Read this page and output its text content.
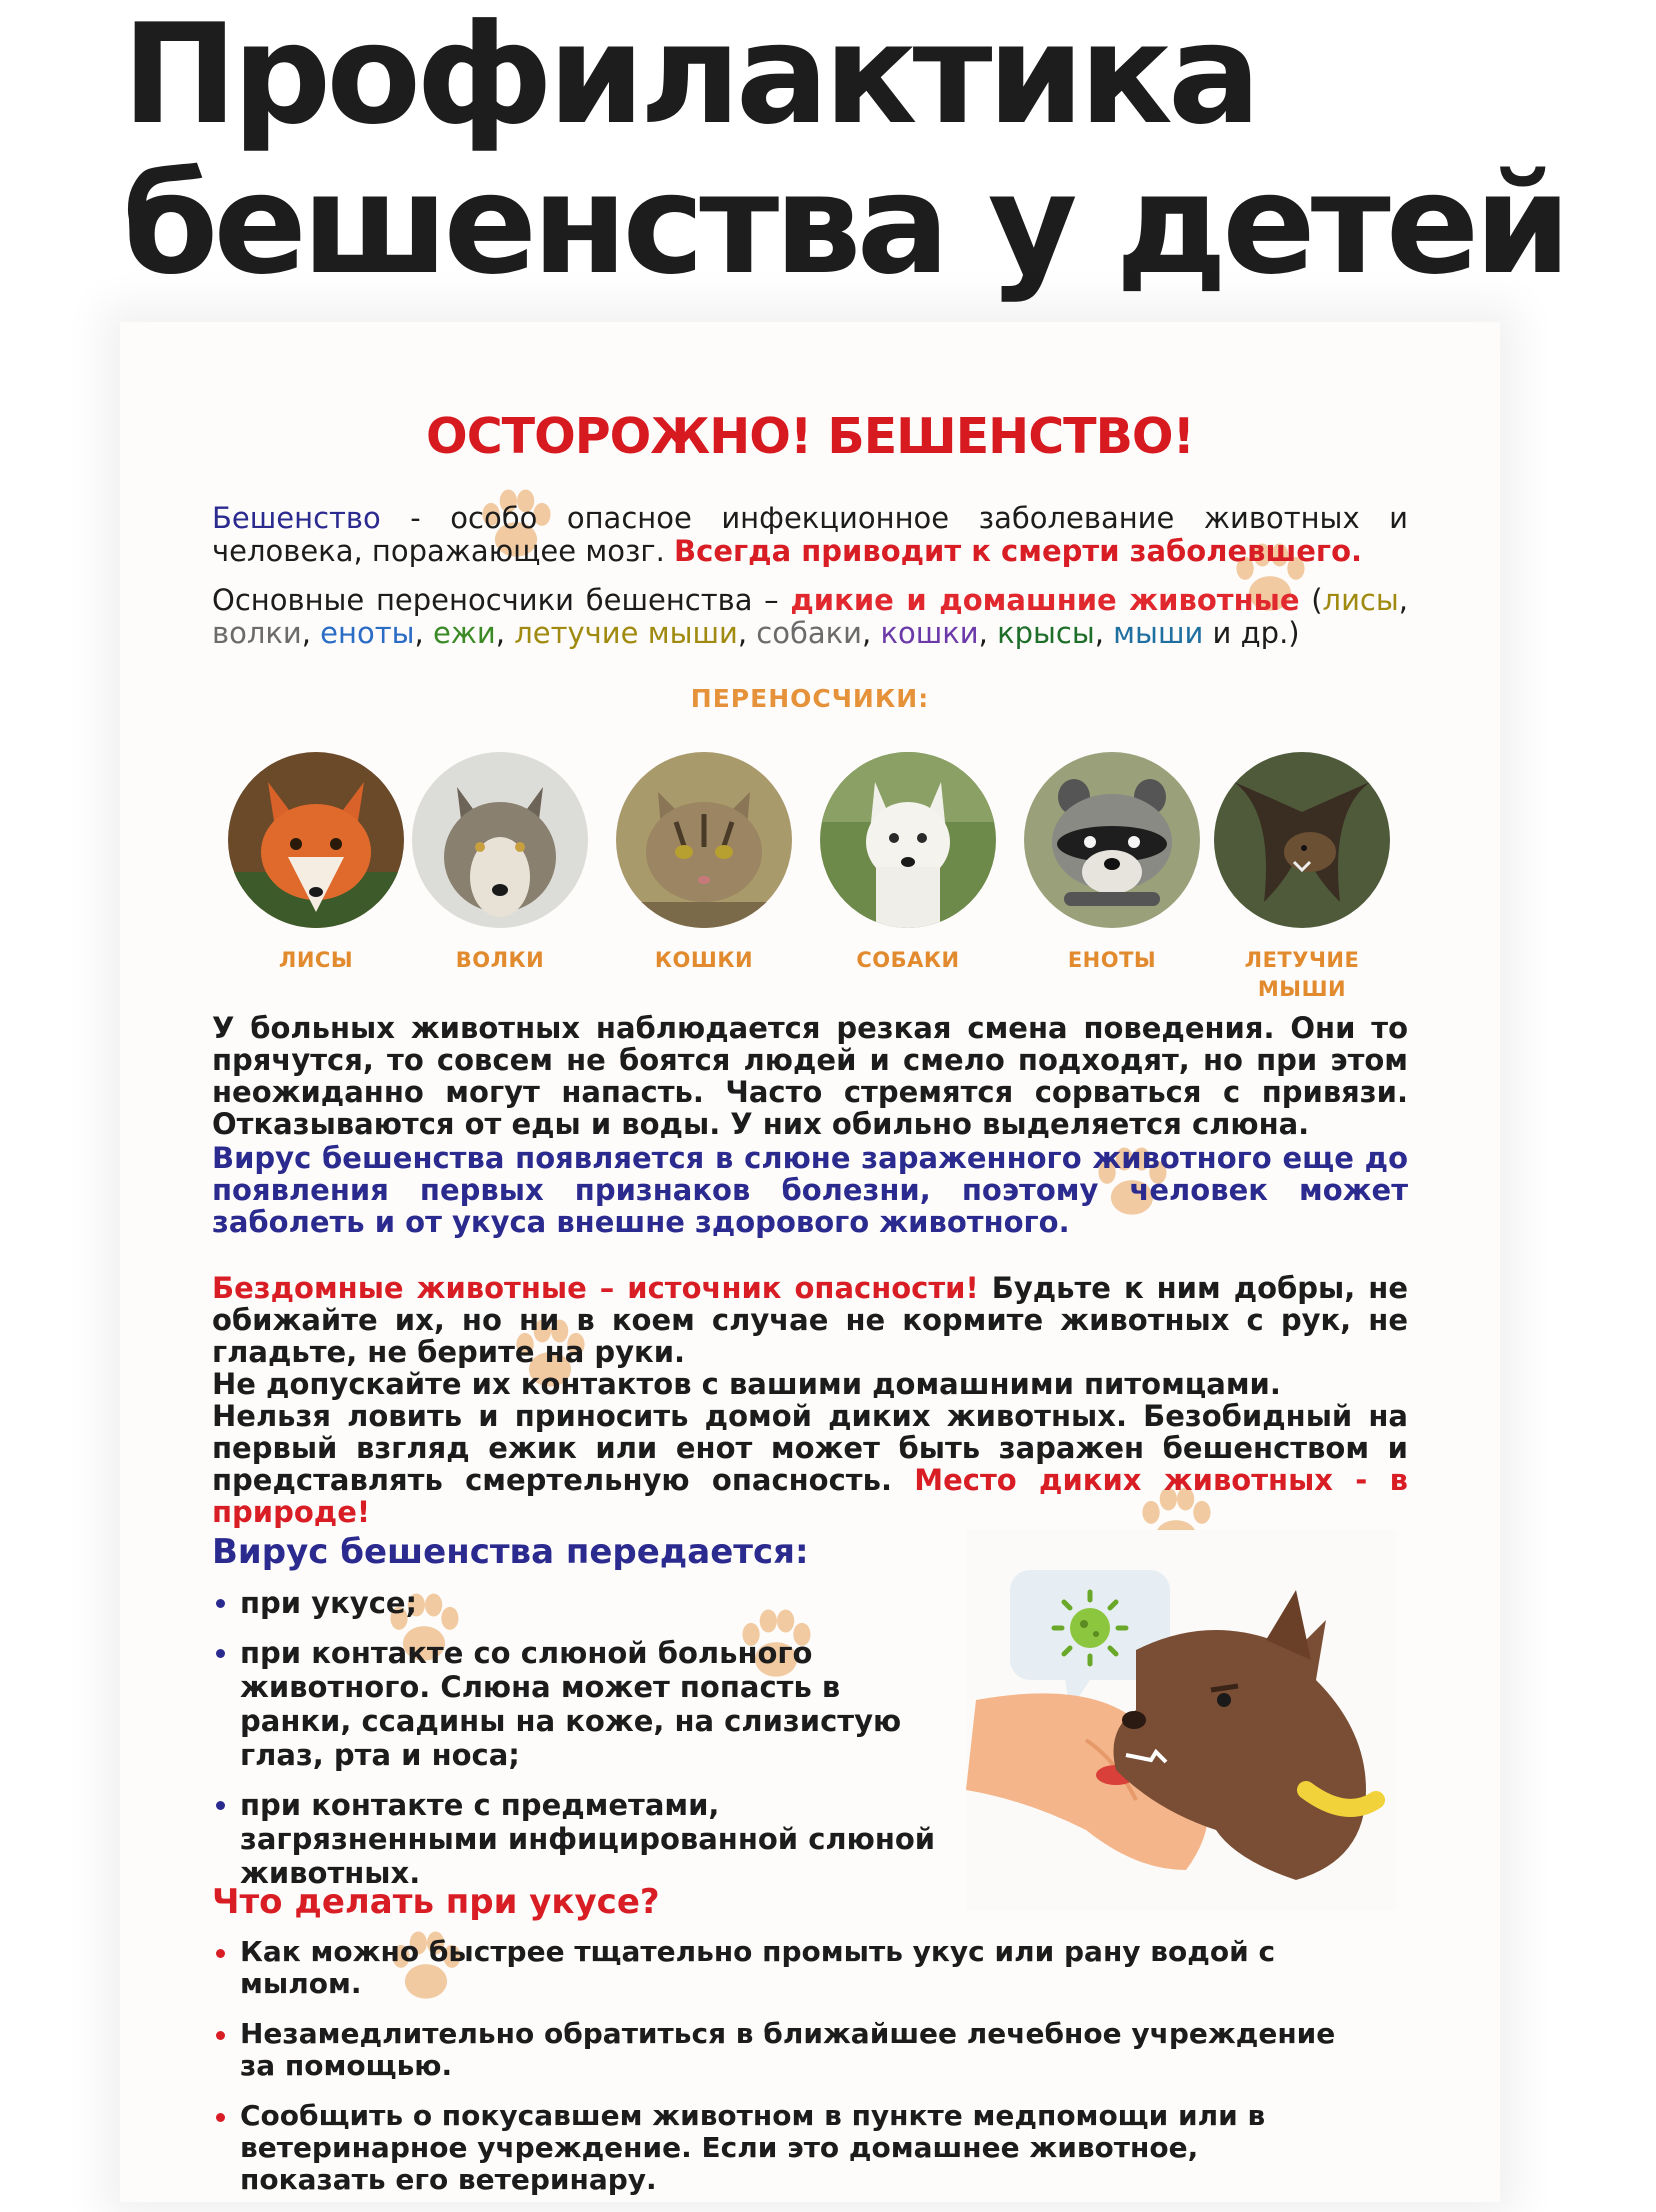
Профилактика
бешенства у детей
ОСТОРОЖНО! БЕШЕНСТВО!

Бешенство - особо опасное инфекционное заболевание животных и человека, поражающее мозг. Всегда приводит к смерти заболевшего.

Основные переносчики бешенства – дикие и домашние животные (лисы, волки, еноты, ежи, летучие мыши, собаки, кошки, крысы, мыши и др.)

ПЕРЕНОСЧИКИ:
ЛИСЫ	ВОЛКИ	КОШКИ	СОБАКИ	ЕНОТЫ	ЛЕТУЧИЕ
МЫШИ

У больных животных наблюдается резкая смена поведения. Они то прячутся, то совсем не боятся людей и смело подходят, но при этом неожиданно могут напасть. Часто стремятся сорваться с привязи. Отказываются от еды и воды. У них обильно выделяется слюна.

Вирус бешенства появляется в слюне зараженного животного еще до появления первых признаков болезни, поэтому человек может заболеть и от укуса внешне здорового животного.

Бездомные животные – источник опасности! Будьте к ним добры, не обижайте их, но ни в коем случае не кормите животных с рук, не гладьте, не берите на руки.

Не допускайте их контактов с вашими домашними питомцами.

Нельзя ловить и приносить домой диких животных. Безобидный на первый взгляд ежик или енот может быть заражен бешенством и представлять смертельную опасность. Место диких животных - в природе!

Вирус бешенства передается:
при укусе;
при контакте со слюной больного животного. Слюна может попасть в ранки, ссадины на коже, на слизистую глаз, рта и носа;
при контакте с предметами, загрязненными инфицированной слюной животных.
Что делать при укусе?
Как можно быстрее тщательно промыть укус или рану водой с мылом.
Незамедлительно обратиться в ближайшее лечебное учреждение за помощью.
Сообщить о покусавшем животном в пункте медпомощи или в ветеринарное учреждение. Если это домашнее животное, показать его ветеринару.
